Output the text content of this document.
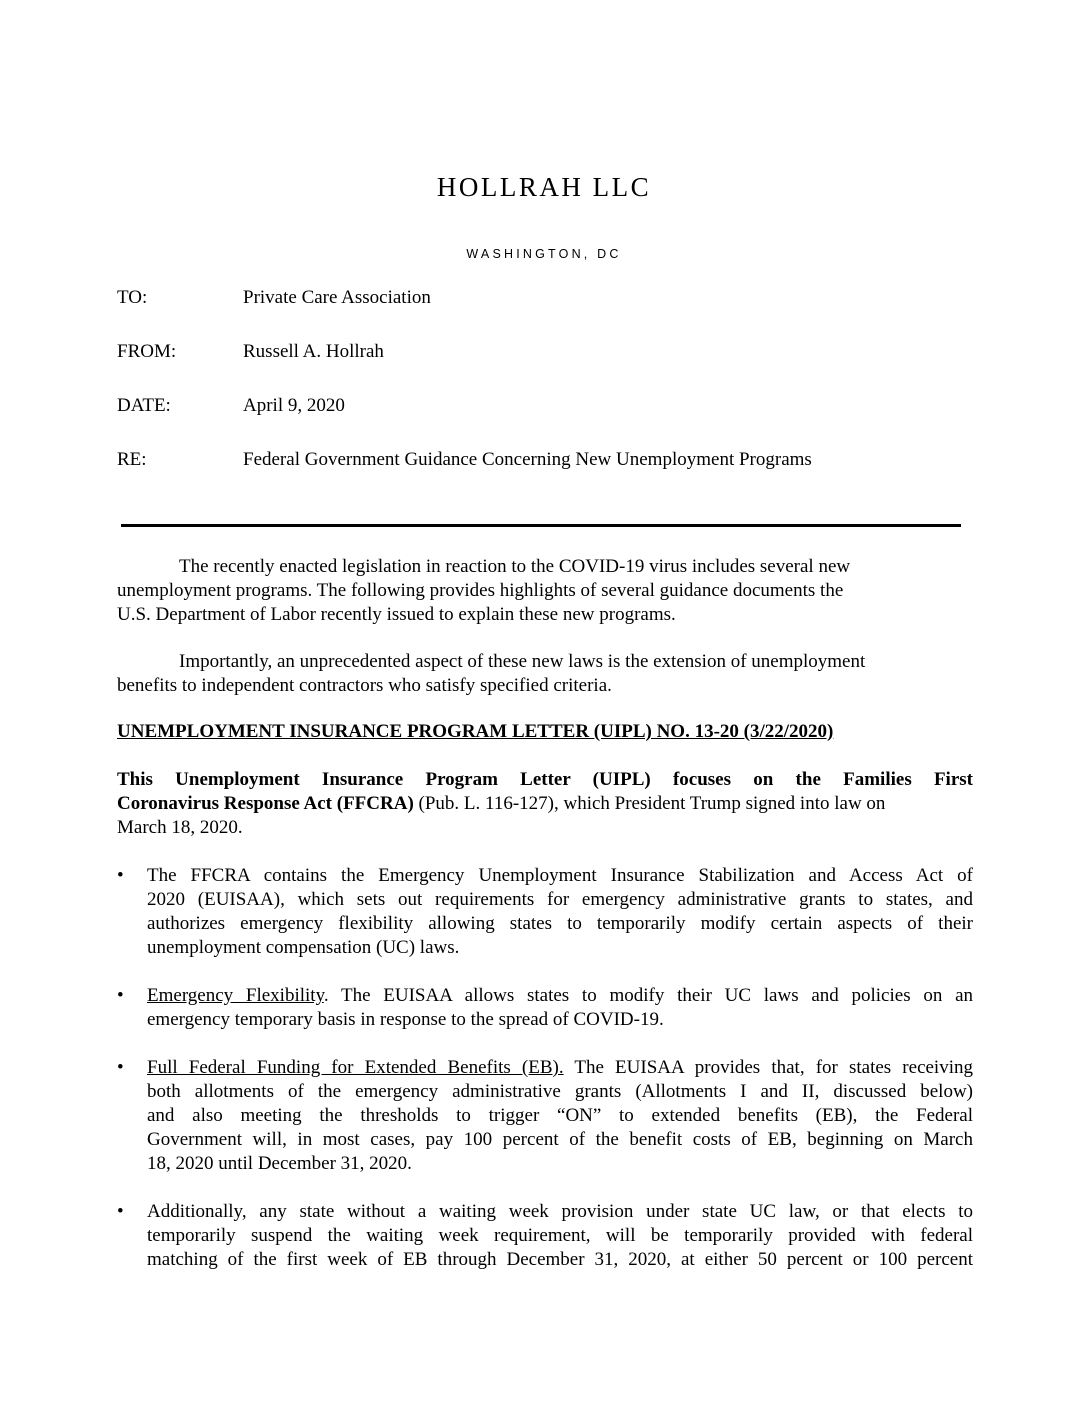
HOLLRAH LLC
WASHINGTON, DC
TO:	Private Care Association
FROM:	Russell A. Hollrah
DATE:	April 9, 2020
RE:	Federal Government Guidance Concerning New Unemployment Programs
The recently enacted legislation in reaction to the COVID-19 virus includes several new
unemployment programs. The following provides highlights of several guidance documents the
U.S. Department of Labor recently issued to explain these new programs.
Importantly, an unprecedented aspect of these new laws is the extension of unemployment
benefits to independent contractors who satisfy specified criteria.
UNEMPLOYMENT INSURANCE PROGRAM LETTER (UIPL) NO. 13-20 (3/22/2020)
This Unemployment Insurance Program Letter (UIPL) focuses on the Families First
Coronavirus Response Act (FFCRA) (Pub. L. 116-127), which President Trump signed into law on
March 18, 2020.
• The FFCRA contains the Emergency Unemployment Insurance Stabilization and Access Act of
2020 (EUISAA), which sets out requirements for emergency administrative grants to states, and
authorizes emergency flexibility allowing states to temporarily modify certain aspects of their
unemployment compensation (UC) laws.
• Emergency Flexibility. The EUISAA allows states to modify their UC laws and policies on an
emergency temporary basis in response to the spread of COVID-19.
• Full Federal Funding for Extended Benefits (EB). The EUISAA provides that, for states receiving
both allotments of the emergency administrative grants (Allotments I and II, discussed below)
and also meeting the thresholds to trigger “ON” to extended benefits (EB), the Federal
Government will, in most cases, pay 100 percent of the benefit costs of EB, beginning on March
18, 2020 until December 31, 2020.
• Additionally, any state without a waiting week provision under state UC law, or that elects to
temporarily suspend the waiting week requirement, will be temporarily provided with federal
matching of the first week of EB through December 31, 2020, at either 50 percent or 100 percent
